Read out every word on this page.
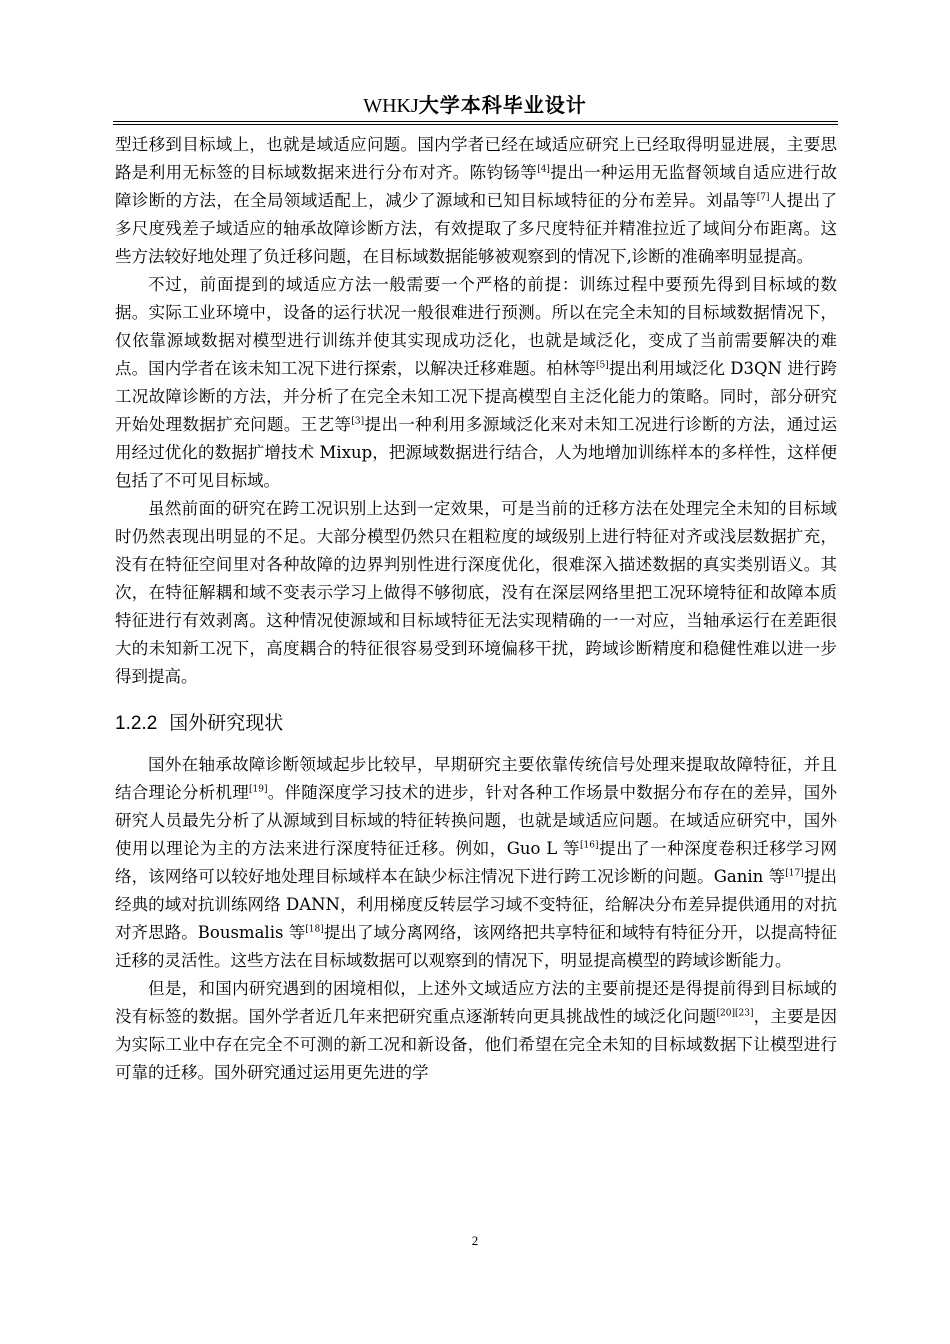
WHKJ大学本科毕业设计

型迁移到目标域上，也就是域适应问题。国内学者已经在域适应研究上已经取得明显进展，主要思路是利用无标签的目标域数据来进行分布对齐。陈钧钖等[4]提出一种运用无监督领域自适应进行故障诊断的方法，在全局领域适配上，减少了源域和已知目标域特征的分布差异。刘晶等[7]人提出了多尺度残差子域适应的轴承故障诊断方法，有效提取了多尺度特征并精准拉近了域间分布距离。这些方法较好地处理了负迁移问题，在目标域数据能够被观察到的情况下,诊断的准确率明显提高。

不过，前面提到的域适应方法一般需要一个严格的前提：训练过程中要预先得到目标域的数据。实际工业环境中，设备的运行状况一般很难进行预测。所以在完全未知的目标域数据情况下，仅依靠源域数据对模型进行训练并使其实现成功泛化，也就是域泛化，变成了当前需要解决的难点。国内学者在该未知工况下进行探索，以解决迁移难题。柏林等[5]提出利用域泛化 D3QN 进行跨工况故障诊断的方法，并分析了在完全未知工况下提高模型自主泛化能力的策略。同时，部分研究开始处理数据扩充问题。王艺等[3]提出一种利用多源域泛化来对未知工况进行诊断的方法，通过运用经过优化的数据扩增技术 Mixup，把源域数据进行结合，人为地增加训练样本的多样性，这样便包括了不可见目标域。

虽然前面的研究在跨工况识别上达到一定效果，可是当前的迁移方法在处理完全未知的目标域时仍然表现出明显的不足。大部分模型仍然只在粗粒度的域级别上进行特征对齐或浅层数据扩充，没有在特征空间里对各种故障的边界判别性进行深度优化，很难深入描述数据的真实类别语义。其次，在特征解耦和域不变表示学习上做得不够彻底，没有在深层网络里把工况环境特征和故障本质特征进行有效剥离。这种情况使源域和目标域特征无法实现精确的一一对应，当轴承运行在差距很大的未知新工况下，高度耦合的特征很容易受到环境偏移干扰，跨域诊断精度和稳健性难以进一步得到提高。

1.2.2 国外研究现状

国外在轴承故障诊断领域起步比较早，早期研究主要依靠传统信号处理来提取故障特征，并且结合理论分析机理[19]。伴随深度学习技术的进步，针对各种工作场景中数据分布存在的差异，国外研究人员最先分析了从源域到目标域的特征转换问题，也就是域适应问题。在域适应研究中，国外使用以理论为主的方法来进行深度特征迁移。例如，Guo L 等[16]提出了一种深度卷积迁移学习网络，该网络可以较好地处理目标域样本在缺少标注情况下进行跨工况诊断的问题。Ganin 等[17]提出经典的域对抗训练网络 DANN，利用梯度反转层学习域不变特征，给解决分布差异提供通用的对抗对齐思路。Bousmalis 等[18]提出了域分离网络，该网络把共享特征和域特有特征分开，以提高特征迁移的灵活性。这些方法在目标域数据可以观察到的情况下，明显提高模型的跨域诊断能力。

但是，和国内研究遇到的困境相似，上述外文域适应方法的主要前提还是得提前得到目标域的没有标签的数据。国外学者近几年来把研究重点逐渐转向更具挑战性的域泛化问题[20][23]，主要是因为实际工业中存在完全不可测的新工况和新设备，他们希望在完全未知的目标域数据下让模型进行可靠的迁移。国外研究通过运用更先进的学

2
